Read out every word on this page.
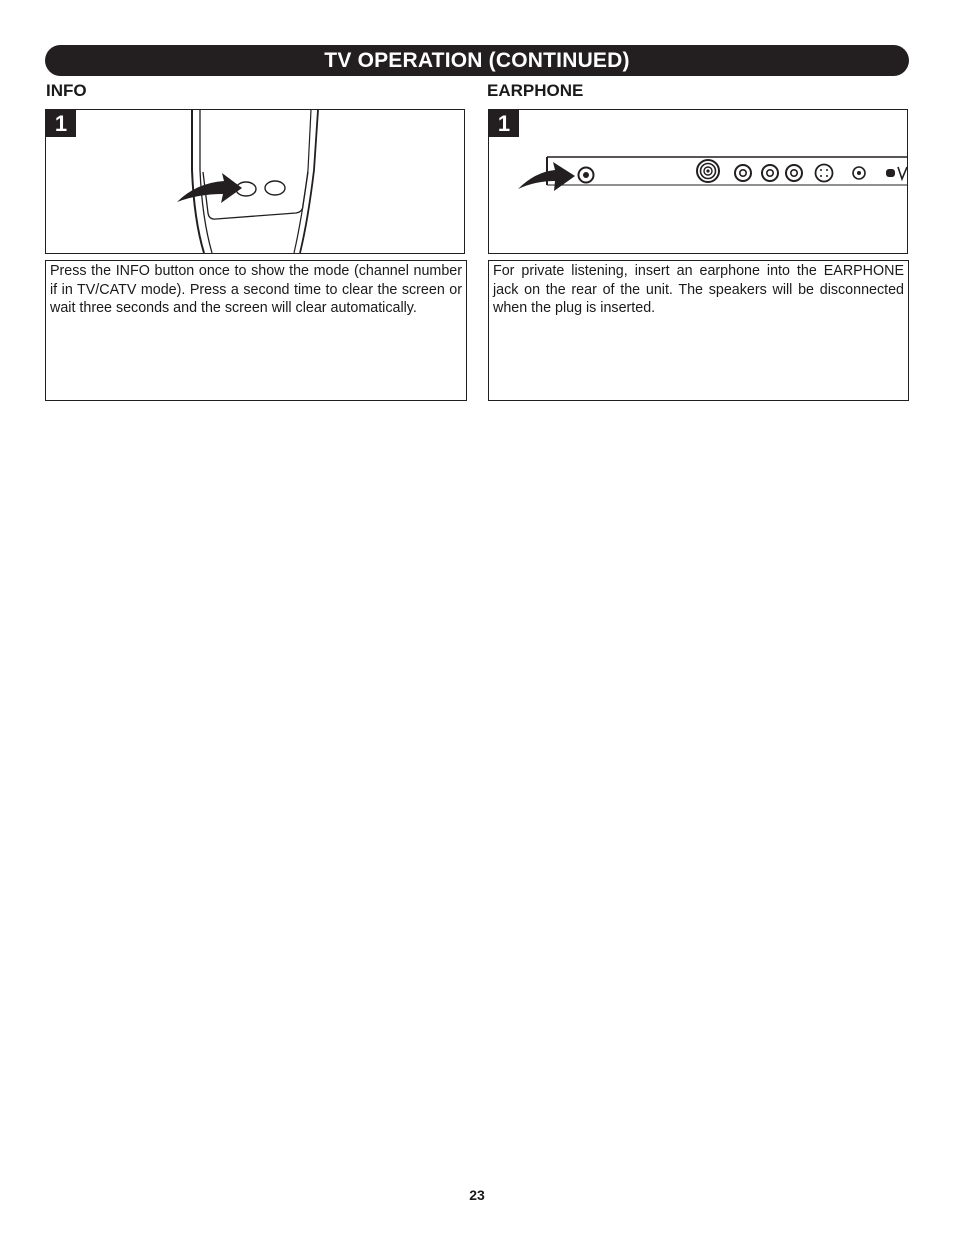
TV OPERATION (CONTINUED)
INFO
1
Press the INFO button once to show the mode (channel number if in TV/CATV mode). Press a second time to clear the screen or wait three seconds and the screen will clear automatically.
EARPHONE
1
For private listening, insert an earphone into the EARPHONE jack on the rear of the unit. The speakers will be disconnected when the plug is inserted.
23
